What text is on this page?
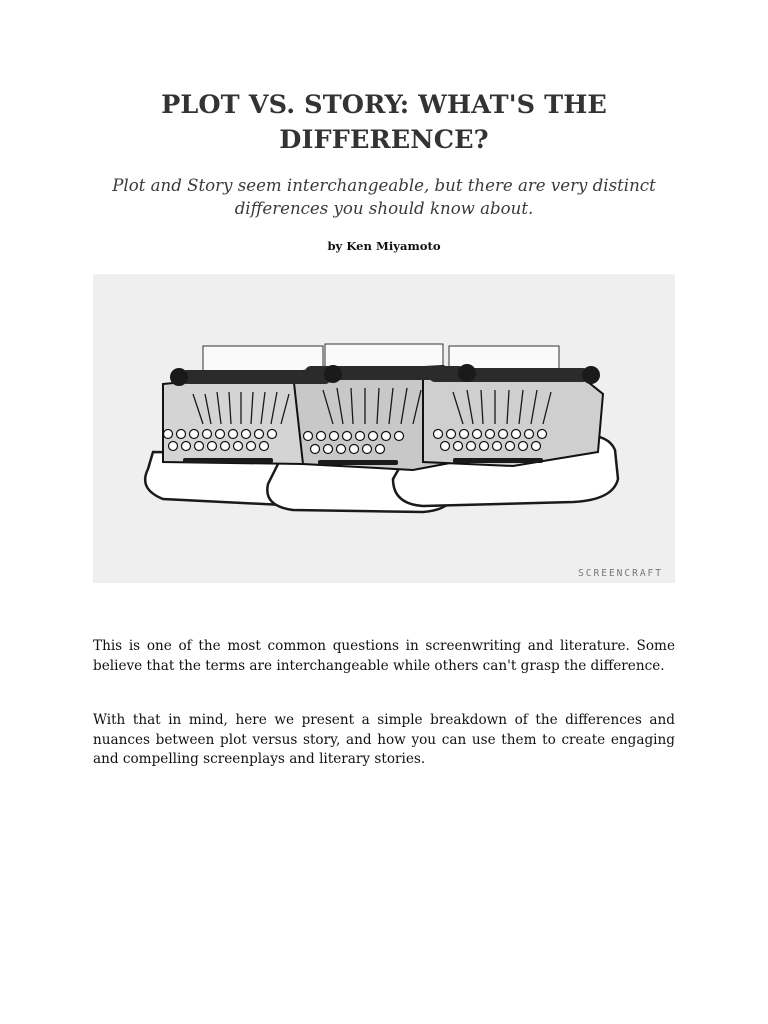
PLOT VS. STORY: WHAT'S THE DIFFERENCE?

Plot and Story seem interchangeable, but there are very distinct differences you should know about.

by Ken Miyamoto

SCREENCRAFT

This is one of the most common questions in screenwriting and literature. Some believe that the terms are interchangeable while others can't grasp the difference.

With that in mind, here we present a simple breakdown of the differences and nuances between plot versus story, and how you can use them to create engaging and compelling screenplays and literary stories.
